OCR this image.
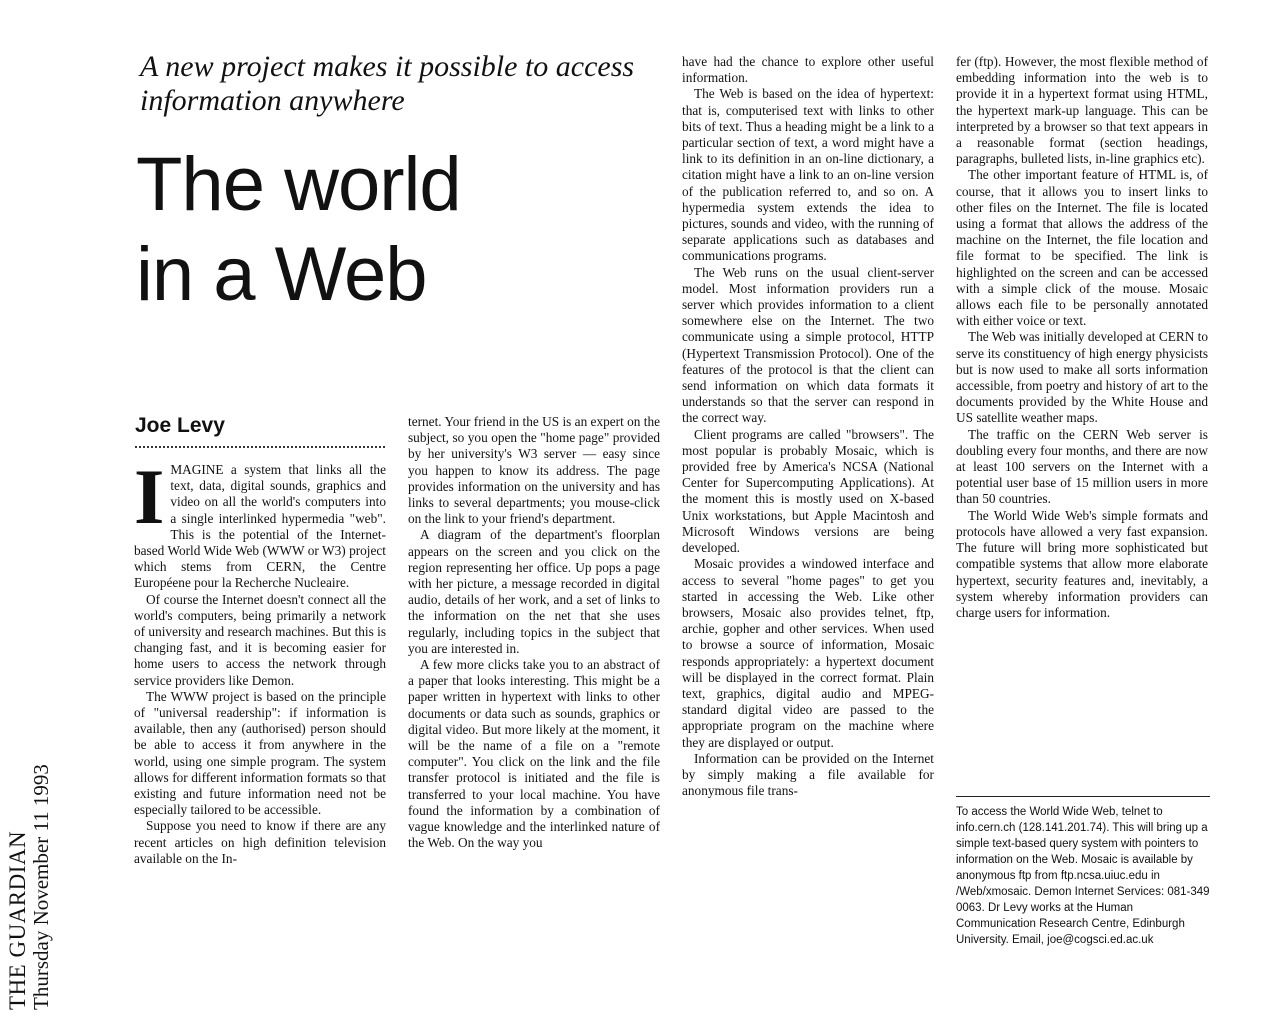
THE GUARDIAN Thursday November 11 1993
A new project makes it possible to access information anywhere
The world
in a Web
Joe Levy

IMAGINE a system that links all the text, data, digital sounds, graphics and video on all the world's computers into a single interlinked hypermedia "web". This is the potential of the Internet-based World Wide Web (WWW or W3) project which stems from CERN, the Centre Européene pour la Recherche Nucleaire.

Of course the Internet doesn't connect all the world's computers, being primarily a network of university and research machines. But this is changing fast, and it is becoming easier for home users to access the network through service providers like Demon.

The WWW project is based on the principle of "universal readership": if information is available, then any (authorised) person should be able to access it from anywhere in the world, using one simple program. The system allows for different information formats so that existing and future information need not be especially tailored to be accessible.

Suppose you need to know if there are any recent articles on high definition television available on the In-

ternet. Your friend in the US is an expert on the subject, so you open the "home page" provided by her university's W3 server — easy since you happen to know its address. The page provides information on the university and has links to several departments; you mouse-click on the link to your friend's department.

A diagram of the department's floorplan appears on the screen and you click on the region representing her office. Up pops a page with her picture, a message recorded in digital audio, details of her work, and a set of links to the information on the net that she uses regularly, including topics in the subject that you are interested in.

A few more clicks take you to an abstract of a paper that looks interesting. This might be a paper written in hypertext with links to other documents or data such as sounds, graphics or digital video. But more likely at the moment, it will be the name of a file on a "remote computer". You click on the link and the file transfer protocol is initiated and the file is transferred to your local machine. You have found the information by a combination of vague knowledge and the interlinked nature of the Web. On the way you

have had the chance to explore other useful information.

The Web is based on the idea of hypertext: that is, computerised text with links to other bits of text. Thus a heading might be a link to a particular section of text, a word might have a link to its definition in an on-line dictionary, a citation might have a link to an on-line version of the publication referred to, and so on. A hypermedia system extends the idea to pictures, sounds and video, with the running of separate applications such as databases and communications programs.

The Web runs on the usual client-server model. Most information providers run a server which provides information to a client somewhere else on the Internet. The two communicate using a simple protocol, HTTP (Hypertext Transmission Protocol). One of the features of the protocol is that the client can send information on which data formats it understands so that the server can respond in the correct way.

Client programs are called "browsers". The most popular is probably Mosaic, which is provided free by America's NCSA (National Center for Supercomputing Applications). At the moment this is mostly used on X-based Unix workstations, but Apple Macintosh and Microsoft Windows versions are being developed.

Mosaic provides a windowed interface and access to several "home pages" to get you started in accessing the Web. Like other browsers, Mosaic also provides telnet, ftp, archie, gopher and other services. When used to browse a source of information, Mosaic responds appropriately: a hypertext document will be displayed in the correct format. Plain text, graphics, digital audio and MPEG-standard digital video are passed to the appropriate program on the machine where they are displayed or output.

Information can be provided on the Internet by simply making a file available for anonymous file trans-

fer (ftp). However, the most flexible method of embedding information into the web is to provide it in a hypertext format using HTML, the hypertext mark-up language. This can be interpreted by a browser so that text appears in a reasonable format (section headings, paragraphs, bulleted lists, in-line graphics etc).

The other important feature of HTML is, of course, that it allows you to insert links to other files on the Internet. The file is located using a format that allows the address of the machine on the Internet, the file location and file format to be specified. The link is highlighted on the screen and can be accessed with a simple click of the mouse. Mosaic allows each file to be personally annotated with either voice or text.

The Web was initially developed at CERN to serve its constituency of high energy physicists but is now used to make all sorts information accessible, from poetry and history of art to the documents provided by the White House and US satellite weather maps.

The traffic on the CERN Web server is doubling every four months, and there are now at least 100 servers on the Internet with a potential user base of 15 million users in more than 50 countries.

The World Wide Web's simple formats and protocols have allowed a very fast expansion. The future will bring more sophisticated but compatible systems that allow more elaborate hypertext, security features and, inevitably, a system whereby information providers can charge users for information.

To access the World Wide Web, telnet to info.cern.ch (128.141.201.74). This will bring up a simple text-based query system with pointers to information on the Web. Mosaic is available by anonymous ftp from ftp.ncsa.uiuc.edu in /Web/xmosaic. Demon Internet Services: 081-349 0063. Dr Levy works at the Human Communication Research Centre, Edinburgh University. Email, joe@cogsci.ed.ac.uk
